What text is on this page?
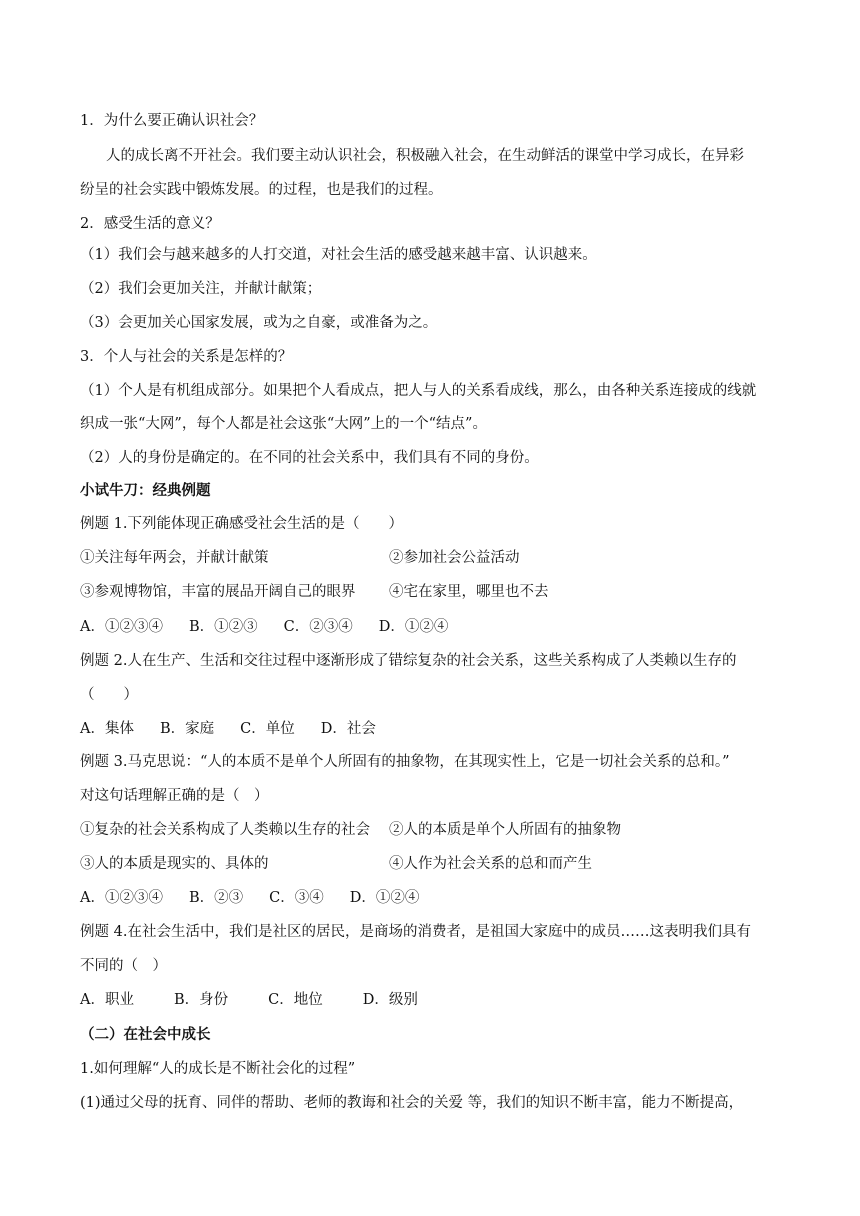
1．为什么要正确认识社会？
人的成长离不开社会。我们要主动认识社会，积极融入社会，在生动鲜活的课堂中学习成长，在异彩
纷呈的社会实践中锻炼发展。的过程，也是我们的过程。
2．感受生活的意义？
（1）我们会与越来越多的人打交道，对社会生活的感受越来越丰富、认识越来。
（2）我们会更加关注，并献计献策；
（3）会更加关心国家发展，或为之自豪，或准备为之。
3．个人与社会的关系是怎样的？
（1）个人是有机组成部分。如果把个人看成点，把人与人的关系看成线，那么，由各种关系连接成的线就
织成一张“大网”，每个人都是社会这张“大网”上的一个“结点”。
（2）人的身份是确定的。在不同的社会关系中，我们具有不同的身份。
小试牛刀：经典例题
例题 1.下列能体现正确感受社会生活的是（　　）
①关注每年两会，并献计献策	②参加社会公益活动
③参观博物馆，丰富的展品开阔自己的眼界 ④宅在家里，哪里也不去
A．①②③④ B．①②③ C．②③④ D．①②④
例题 2.人在生产、生活和交往过程中逐渐形成了错综复杂的社会关系，这些关系构成了人类赖以生存的
（　　）
A．集体 B．家庭 C．单位 D．社会
例题 3.马克思说：“人的本质不是单个人所固有的抽象物，在其现实性上，它是一切社会关系的总和。”
对这句话理解正确的是（　）
①复杂的社会关系构成了人类赖以生存的社会 ②人的本质是单个人所固有的抽象物
③人的本质是现实的、具体的	④人作为社会关系的总和而产生
A．①②③④ B．②③ C．③④ D．①②④
例题 4.在社会生活中，我们是社区的居民，是商场的消费者，是祖国大家庭中的成员……这表明我们具有
不同的（　）
A．职业	B．身份	C．地位	D．级别
（二）在社会中成长
1.如何理解“人的成长是不断社会化的过程”
(1)通过父母的抚育、同伴的帮助、老师的教诲和社会的关爱 等，我们的知识不断丰富，能力不断提高，
